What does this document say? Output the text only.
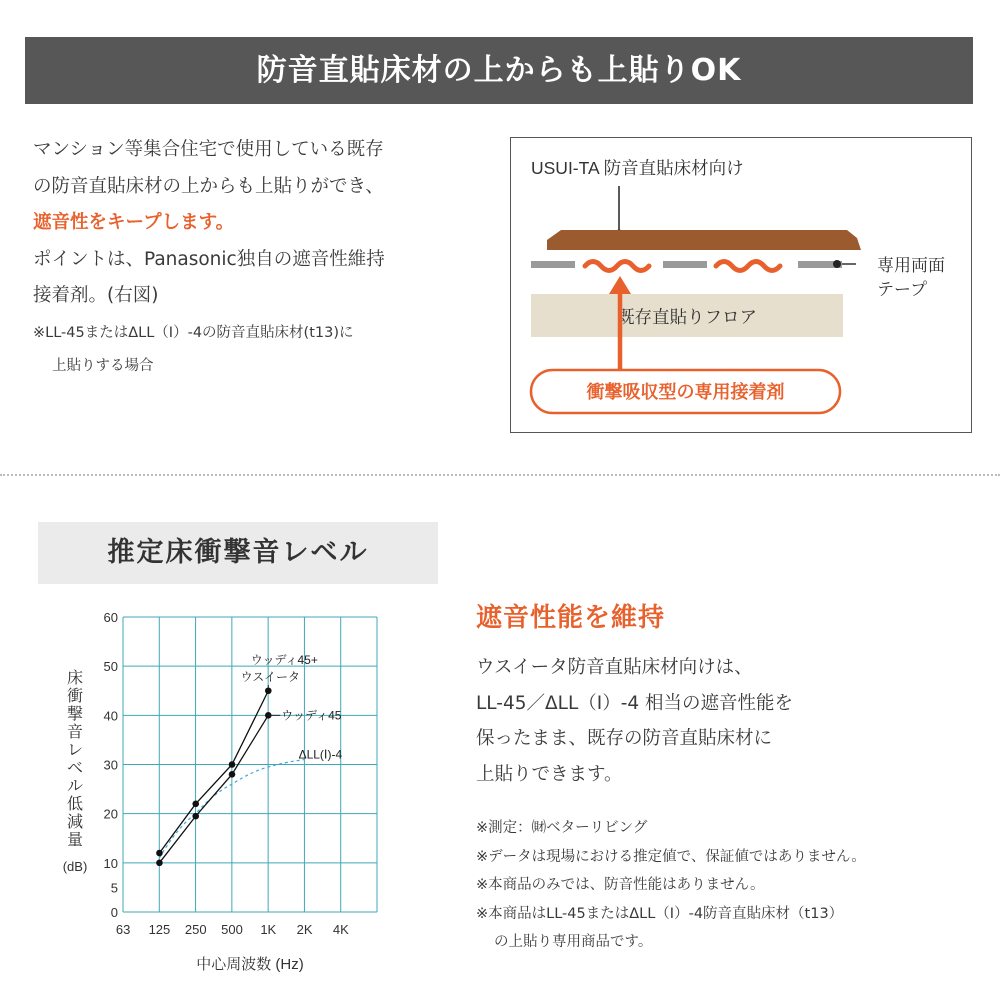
防音直貼床材の上からも上貼りOK

マンション等集合住宅で使用している既存
の防音直貼床材の上からも上貼りができ、
遮音性をキープします。
ポイントは、Panasonic独自の遮音性維持
接着剤。(右図)

※LL-45またはΔLL（Ⅰ）-4の防音直貼床材(t13)に
上貼りする場合

USUI-TA 防音直貼床材向け
専用両面
テープ
既存直貼りフロア
衝撃吸収型の専用接着剤
推定床衝撃音レベル
0
5
10
20
30
40
50
60
63 125 250 500 1K 2K 4K
中心周波数 (Hz)
床
衝
撃
音
レ
ベ
ル
低
減
量
(dB)
ウッディ45+
ウスイータ
ウッディ45
ΔLL(Ⅰ)-4
遮音性能を維持

ウスイータ防音直貼床材向けは、
LL-45／ΔLL（Ⅰ）-4 相当の遮音性能を
保ったまま、既存の防音直貼床材に
上貼りできます。

※測定：㈶ベターリビング
※データは現場における推定値で、保証値ではありません。
※本商品のみでは、防音性能はありません。
※本商品はLL-45またはΔLL（Ⅰ）-4防音直貼床材（t13）
の上貼り専用商品です。
